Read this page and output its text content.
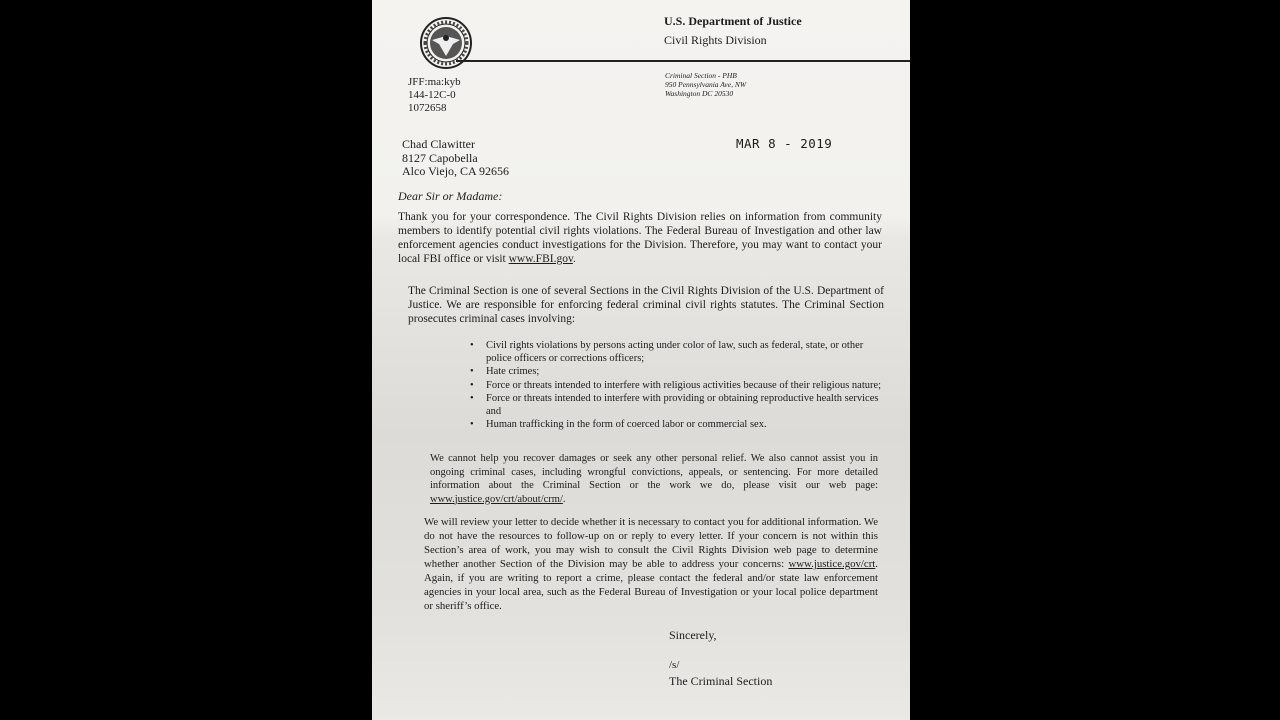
U.S. Department of Justice
Civil Rights Division
Criminal Section - PHB
950 Pennsylvania Ave, NW
Washington DC 20530
JFF:ma:kyb
144-12C-0
1072658
MAR 8 - 2019
Chad Clawitter
8127 Capobella
Alco Viejo, CA 92656
Dear Sir or Madame:
Thank you for your correspondence. The Civil Rights Division relies on information from community members to identify potential civil rights violations. The Federal Bureau of Investigation and other law enforcement agencies conduct investigations for the Division. Therefore, you may want to contact your local FBI office or visit www.FBI.gov.
The Criminal Section is one of several Sections in the Civil Rights Division of the U.S. Department of Justice. We are responsible for enforcing federal criminal civil rights statutes. The Criminal Section prosecutes criminal cases involving:
• Civil rights violations by persons acting under color of law, such as federal, state, or other police officers or corrections officers;
• Hate crimes;
• Force or threats intended to interfere with religious activities because of their religious nature;
• Force or threats intended to interfere with providing or obtaining reproductive health services and
• Human trafficking in the form of coerced labor or commercial sex.
We cannot help you recover damages or seek any other personal relief. We also cannot assist you in ongoing criminal cases, including wrongful convictions, appeals, or sentencing. For more detailed information about the Criminal Section or the work we do, please visit our web page: www.justice.gov/crt/about/crm/.
We will review your letter to decide whether it is necessary to contact you for additional information. We do not have the resources to follow-up on or reply to every letter. If your concern is not within this Section’s area of work, you may wish to consult the Civil Rights Division web page to determine whether another Section of the Division may be able to address your concerns: www.justice.gov/crt. Again, if you are writing to report a crime, please contact the federal and/or state law enforcement agencies in your local area, such as the Federal Bureau of Investigation or your local police department or sheriff’s office.
Sincerely,
/s/
The Criminal Section
